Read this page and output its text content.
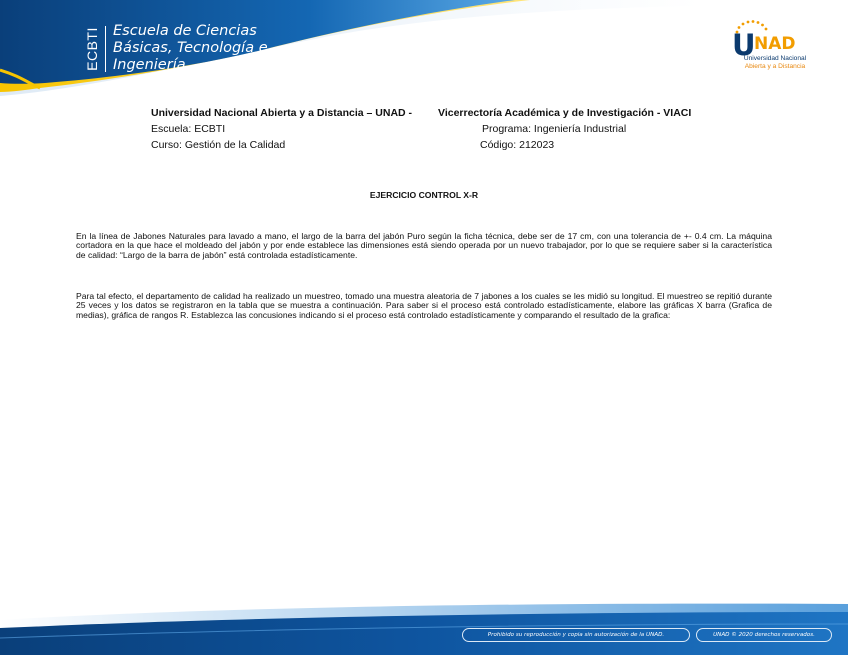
ECBTI Escuela de Ciencias
Básicas, Tecnología e
Ingeniería
U
NAD
Universidad Nacional
Abierta y a Distancia
Universidad Nacional Abierta y a Distancia – UNAD - Vicerrectoría Académica y de Investigación - VIACI
Escuela: ECBTI	Programa: Ingeniería Industrial
Curso: Gestión de la Calidad	Código: 212023
EJERCICIO CONTROL X-R

En la línea de Jabones Naturales para lavado a mano, el largo de la barra del jabón Puro según la ficha técnica, debe ser de 17 cm, con una tolerancia de +- 0.4 cm. La máquina cortadora en la que hace el moldeado del jabón y por ende establece las dimensiones está siendo operada por un nuevo trabajador, por lo que se requiere saber si la característica de calidad: “Largo de la barra de jabón” está controlada estadísticamente.

Para tal efecto, el departamento de calidad ha realizado un muestreo, tomado una muestra aleatoria de 7 jabones a los cuales se les midió su longitud. El muestreo se repitió durante 25 veces y los datos se registraron en la tabla que se muestra a continuación. Para saber si el proceso está controlado estadísticamente, elabore las gráficas X barra (Grafica de medias), gráfica de rangos R. Establezca las concusiones indicando si el proceso está controlado estadísticamente y comparando el resultado de la grafica:

Prohibido su reproducción y copia sin autorización de la UNAD.	UNAD © 2020 derechos reservados.
